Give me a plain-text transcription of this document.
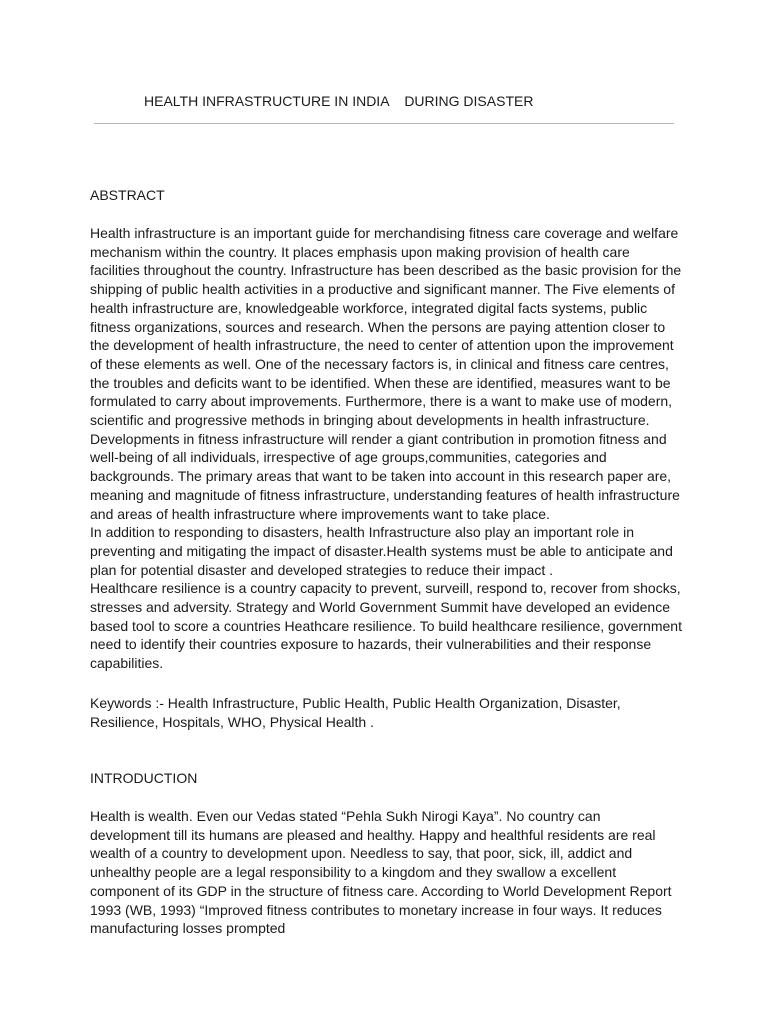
HEALTH INFRASTRUCTURE IN INDIA    DURING DISASTER
ABSTRACT

Health infrastructure is an important guide for merchandising fitness care coverage and welfare mechanism within the country. It places emphasis upon making provision of health care facilities throughout the country. Infrastructure has been described as the basic provision for the shipping of public health activities in a productive and significant manner. The Five elements of health infrastructure are, knowledgeable workforce, integrated digital facts systems, public fitness organizations, sources and research. When the persons are paying attention closer to the development of health infrastructure, the need to center of attention upon the improvement of these elements as well. One of the necessary factors is, in clinical and fitness care centres, the troubles and deficits want to be identified. When these are identified, measures want to be formulated to carry about improvements. Furthermore, there is a want to make use of modern, scientific and progressive methods in bringing about developments in health infrastructure. Developments in fitness infrastructure will render a giant contribution in promotion fitness and well-being of all individuals, irrespective of age groups,communities, categories and backgrounds. The primary areas that want to be taken into account in this research paper are, meaning and magnitude of fitness infrastructure, understanding features of health infrastructure and areas of health infrastructure where improvements want to take place.

In addition to responding to disasters, health Infrastructure also play an important role in preventing and mitigating the impact of disaster.Health systems must be able to anticipate and plan for potential disaster and developed strategies to reduce their impact .

Healthcare resilience is a country capacity to prevent, surveill, respond to, recover from shocks, stresses and adversity. Strategy and World Government Summit have developed an evidence based tool to score a countries Heathcare resilience. To build healthcare resilience, government need to identify their countries exposure to hazards, their vulnerabilities and their response capabilities.

Keywords :- Health Infrastructure, Public Health, Public Health Organization, Disaster, Resilience, Hospitals, WHO, Physical Health .

INTRODUCTION

Health is wealth. Even our Vedas stated “Pehla Sukh Nirogi Kaya”. No country can development till its humans are pleased and healthy. Happy and healthful residents are real wealth of a country to development upon. Needless to say, that poor, sick, ill, addict and unhealthy people are a legal responsibility to a kingdom and they swallow a excellent component of its GDP in the structure of fitness care. According to World Development Report 1993 (WB, 1993) “Improved fitness contributes to monetary increase in four ways. It reduces manufacturing losses prompted
